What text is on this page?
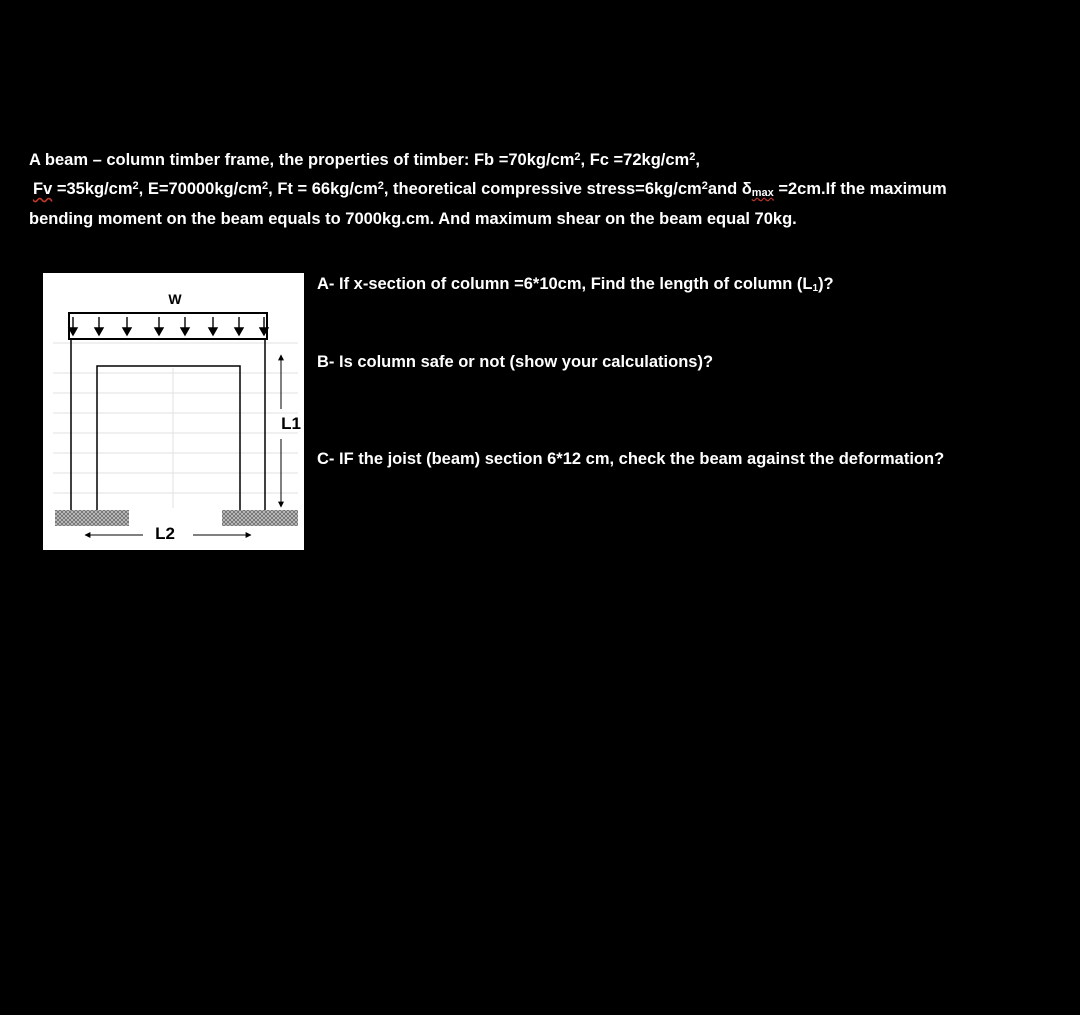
A beam – column timber frame, the properties of timber: $Fb =70kg/cm^2$, $Fc =72kg/cm^2$,
$Fv =35kg/cm^2$, $E=70000kg/cm^2$, $Ft = 66kg/cm^2$, theoretical compressive $stress=6kg/cm^2and$ δmax =2cm.If the maximum
bending moment on the beam equals to 7000kg.cm. And maximum shear on the beam equal 70kg.
W
L1
L2
A- If x-section of column =6*10cm, Find the length of column (L1)?
B- Is column safe or not (show your calculations)?
C- IF the joist (beam) section 6*12 cm, check the beam against the deformation?
